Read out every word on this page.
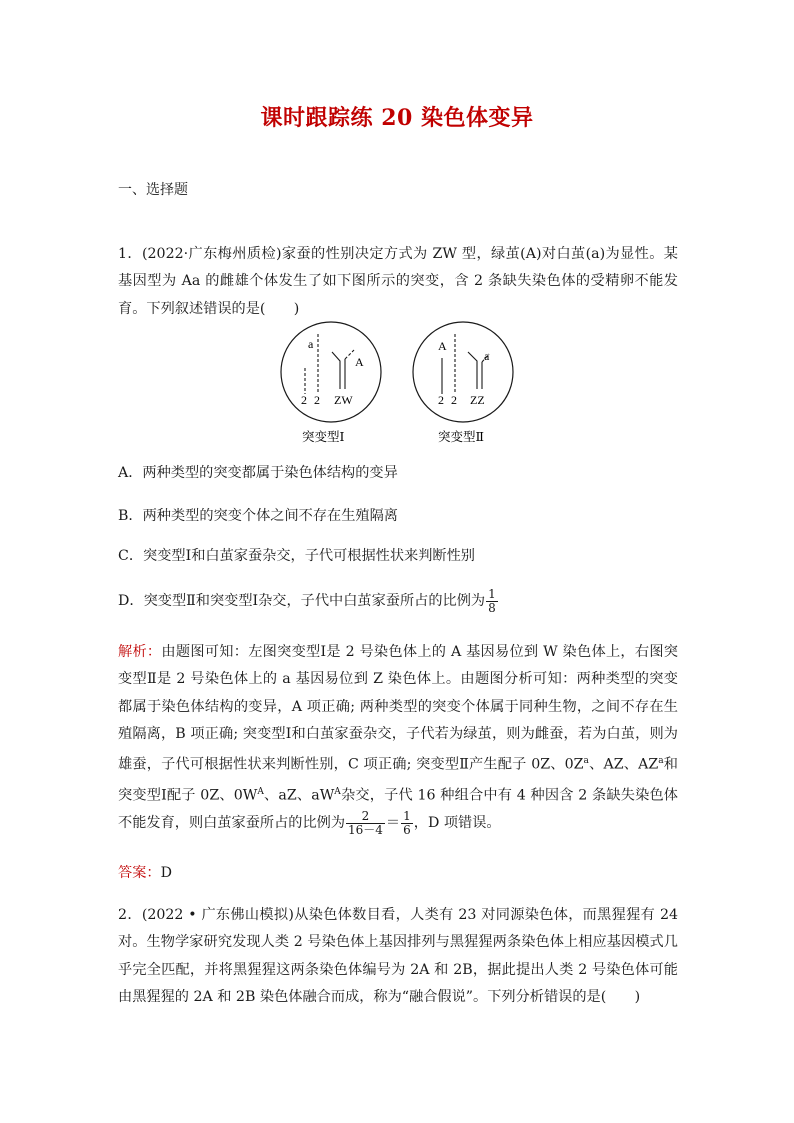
课时跟踪练 20 染色体变异
一、选择题
1．(2022·广东梅州质检)家蚕的性别决定方式为 ZW 型，绿茧(A)对白茧(a)为显性。某基因型为 Aa 的雌雄个体发生了如下图所示的突变，含 2 条缺失染色体的受精卵不能发育。下列叙述错误的是(　　)
a
A
2 2 ZW
突变型Ⅰ
A
a
2 2 ZZ
突变型Ⅱ
A．两种类型的突变都属于染色体结构的变异
B．两种类型的突变个体之间不存在生殖隔离
C．突变型Ⅰ和白茧家蚕杂交，子代可根据性状来判断性别
D．突变型Ⅱ和突变型Ⅰ杂交，子代中白茧家蚕所占的比例为 $\frac{1}{8}$
解析：由题图可知：左图突变型Ⅰ是 2 号染色体上的 A 基因易位到 W 染色体上，右图突变型Ⅱ是 2 号染色体上的 a 基因易位到 Z 染色体上。由题图分析可知：两种类型的突变都属于染色体结构的变异，A 项正确; 两种类型的突变个体属于同种生物，之间不存在生殖隔离，B 项正确; 突变型Ⅰ和白茧家蚕杂交，子代若为绿茧，则为雌蚕，若为白茧，则为雄蚕，子代可根据性状来判断性别，C 项正确; 突变型Ⅱ产生配子 0Z、$0Z^a$、AZ、$AZ^a$和突变型Ⅰ配子 0Z、$0W^A$、aZ、$aW^A$杂交，子代 16 种组合中有 4 种因含 2 条缺失染色体不能发育，则白茧家蚕所占的比例为 $\frac{2}{16-4} = \frac{1}{6}$ ，D 项错误。
答案：D
2．(2022 • 广东佛山模拟)从染色体数目看，人类有 23 对同源染色体，而黑猩猩有 24 对。生物学家研究发现人类 2 号染色体上基因排列与黑猩猩两条染色体上相应基因模式几乎完全匹配，并将黑猩猩这两条染色体编号为 2A 和 2B，据此提出人类 2 号染色体可能由黑猩猩的 2A 和 2B 染色体融合而成，称为“融合假说”。下列分析错误的是(　　)
